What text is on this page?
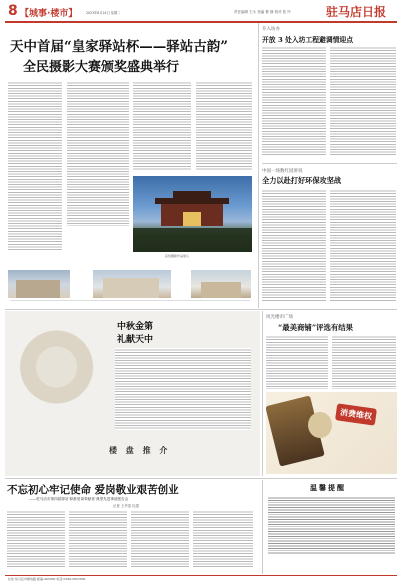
8 【城事·楼市】	2023年8月24日 星期二	责任编辑 王永 美编 曹 静 校对 张 玲	驻马店日报
天中首届“皇家驿站杯——驿站古韵”
全民摄影大赛颁奖盛典举行
获奖摄影作品展示
开入坊办
开放 3 处入坊工程避调情迎点
中国一场数红园讲说
全力以赴打好环保攻坚战
中秋金第
礼献天中
楼 盘 推 介
风光楼市广场
“最美商铺”评选有结果
消费维权
不忘初心牢记使命 爱岗敬业艰苦创业
——驻马店市第四届驿站·驿都爱岗奉献者·典型先进事迹报告会
记者 王华清 杜超
温馨提醒
社址:驻马店市解放路 邮编:463000 电话:0396-2822000
